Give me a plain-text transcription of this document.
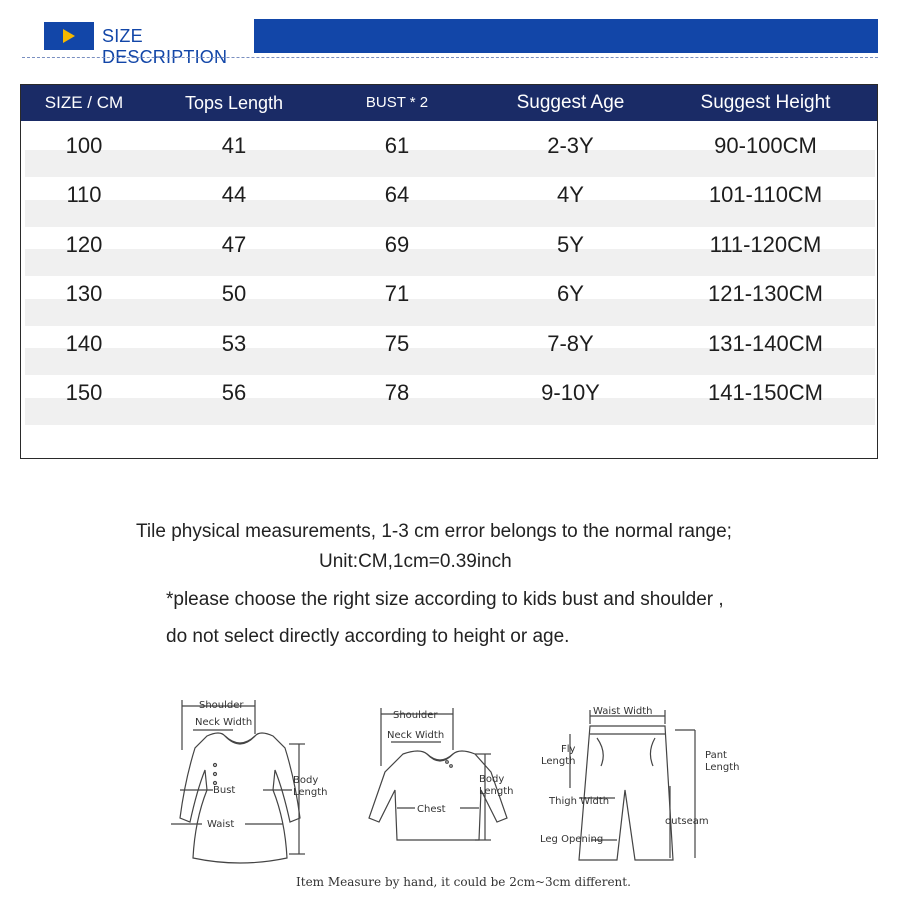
SIZE DESCRIPTION
SIZE / CM	Tops Length	BUST * 2	Suggest Age	Suggest Height
100	41	61	2-3Y	90-100CM
110	44	64	4Y	101-110CM
120	47	69	5Y	111-120CM
130	50	71	6Y	121-130CM
140	53	75	7-8Y	131-140CM
150	56	78	9-10Y	141-150CM
Tile physical measurements, 1-3 cm error belongs to the normal range;
Unit:CM,1cm=0.39inch
*please choose the right size according to kids bust and shoulder ,
do not select directly according to height or age.
Shoulder
Neck Width
Bust
Waist
Body
Length
Shoulder
Neck Width
Chest
Body
Length
Waist Width
Fly
Length
Pant
Length
Thigh Width
outseam
Leg Opening
Item Measure by hand, it could be 2cm~3cm different.
